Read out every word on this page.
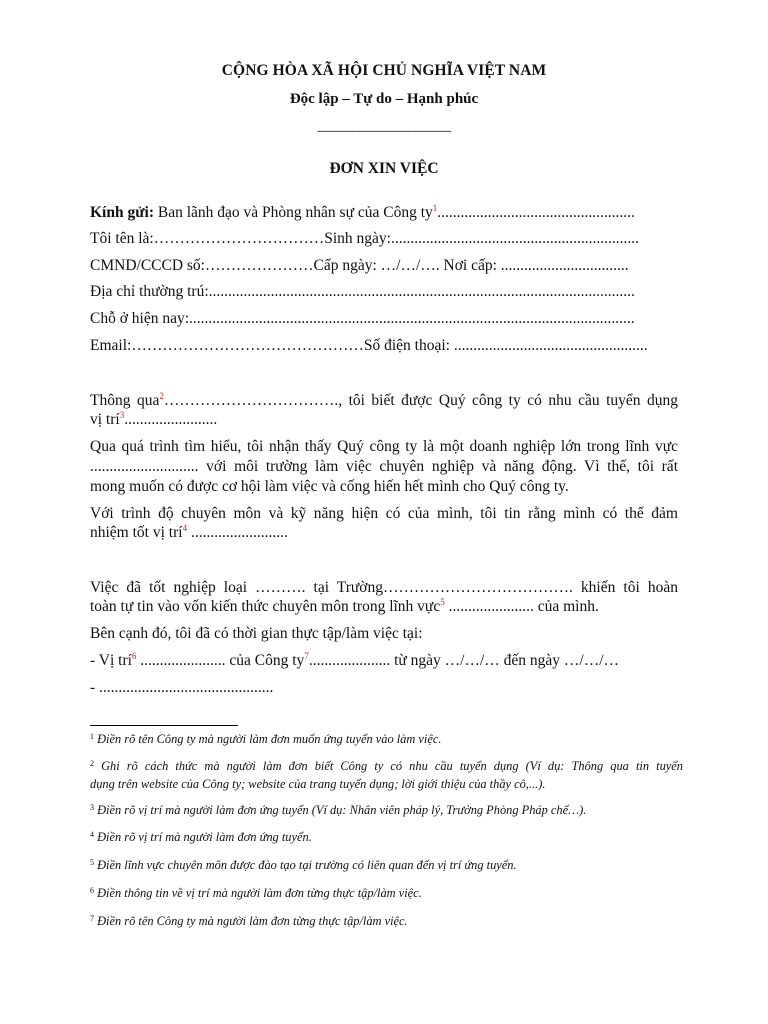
CỘNG HÒA XÃ HỘI CHỦ NGHĨA VIỆT NAM
Độc lập – Tự do – Hạnh phúc
___________________
ĐƠN XIN VIỆC
Kính gửi: Ban lãnh đạo và Phòng nhân sự của Công $ty^1$...................................................
Tôi tên là:……………………………Sinh ngày:................................................................
CMND/CCCD số:…………………Cấp ngày: …/…/…. Nơi cấp: .................................
Địa chỉ thường trú:..............................................................................................................
Chỗ ở hiện nay:...................................................................................................................
Email:………………………………………Số điện thoại: ..................................................
Thông qua$^2$……………………………., tôi biết được Quý công ty có nhu cầu tuyển dụng
vị trí$^3$........................
Qua quá trình tìm hiểu, tôi nhận thấy Quý công ty là một doanh nghiệp lớn trong lĩnh vực
............................ với môi trường làm việc chuyên nghiệp và năng động. Vì thế, tôi rất
mong muốn có được cơ hội làm việc và cống hiến hết mình cho Quý công ty.
Với trình độ chuyên môn và kỹ năng hiện có của mình, tôi tin rằng mình có thể đảm
nhiệm tốt vị trí$^4$ .........................
Việc đã tốt nghiệp loại ………. tại Trường………………………………. khiến tôi hoàn
toàn tự tin vào vốn kiến thức chuyên môn trong lĩnh vực$^5$ ...................... của mình.
Bên cạnh đó, tôi đã có thời gian thực tập/làm việc tại:
- Vị trí$^6$ ...................... của Công $ty^7$..................... từ ngày …/…/… đến ngày …/…/…
- .............................................
$^1$ Điền rõ tên Công ty mà người làm đơn muốn ứng tuyển vào làm việc.
$^2$ Ghi rõ cách thức mà người làm đơn biết Công ty có nhu cầu tuyển dụng (Ví dụ: Thông qua tin tuyển
dụng trên website của Công ty; website của trang tuyển dụng; lời giới thiệu của thầy cô,...).
$^3$ Điền rõ vị trí mà người làm đơn ứng tuyển (Ví dụ: Nhân viên pháp lý, Trưởng Phòng Pháp chế…).
$^4$ Điền rõ vị trí mà người làm đơn ứng tuyển.
$^5$ Điền lĩnh vực chuyên môn được đào tạo tại trường có liên quan đến vị trí ứng tuyển.
$^6$ Điền thông tin về vị trí mà người làm đơn từng thực tập/làm việc.
$^7$ Điền rõ tên Công ty mà người làm đơn từng thực tập/làm việc.
